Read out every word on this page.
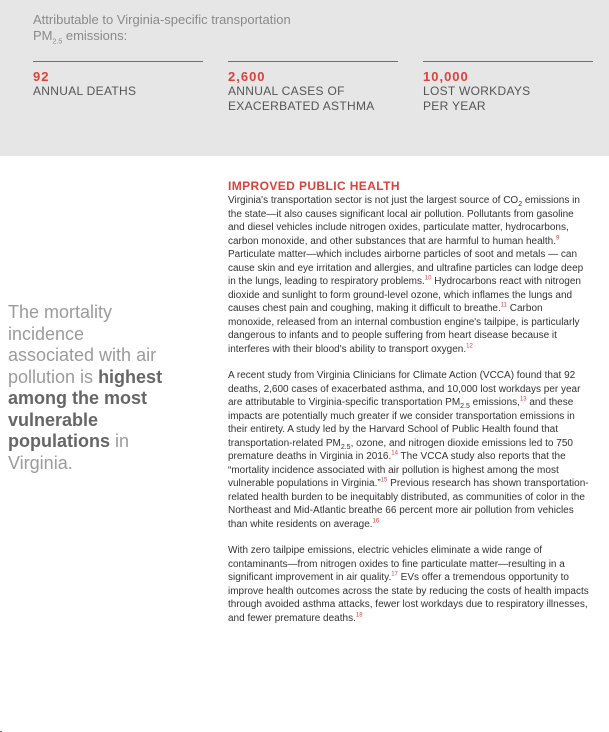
Attributable to Virginia-specific transportation $PM_{2.5}$ emissions:
92
ANNUAL DEATHS
2,600
ANNUAL CASES OF EXACERBATED ASTHMA
10,000
LOST WORKDAYS PER YEAR
The mortality incidence associated with air pollution is highest among the most vulnerable populations in Virginia.
IMPROVED PUBLIC HEALTH

Virginia's transportation sector is not just the largest source of $CO_2$ emissions in the state—it also causes significant local air pollution. Pollutants from gasoline and diesel vehicles include nitrogen oxides, particulate matter, hydrocarbons, carbon monoxide, and other substances that are harmful to human health.$^9$ Particulate matter—which includes airborne particles of soot and metals — can cause skin and eye irritation and allergies, and ultrafine particles can lodge deep in the lungs, leading to respiratory problems.$^{10}$ Hydrocarbons react with nitrogen dioxide and sunlight to form ground-level ozone, which inflames the lungs and causes chest pain and coughing, making it difficult to breathe.$^{11}$ Carbon monoxide, released from an internal combustion engine's tailpipe, is particularly dangerous to infants and to people suffering from heart disease because it interferes with their blood's ability to transport oxygen.$^{12}$

A recent study from Virginia Clinicians for Climate Action (VCCA) found that 92 deaths, 2,600 cases of exacerbated asthma, and 10,000 lost workdays per year are attributable to Virginia-specific transportation $PM_{2.5}$ emissions,$^{13}$ and these impacts are potentially much greater if we consider transportation emissions in their entirety. A study led by the Harvard School of Public Health found that transportation-related $PM_{2.5}$, ozone, and nitrogen dioxide emissions led to 750 premature deaths in Virginia in 2016.14 The VCCA study also reports that the “mortality incidence associated with air pollution is highest among the most vulnerable populations in Virginia.”$^{15}$ Previous research has shown transportation-related health burden to be inequitably distributed, as communities of color in the Northeast and Mid-Atlantic breathe 66 percent more air pollution from vehicles than white residents on average.$^{16}$

With zero tailpipe emissions, electric vehicles eliminate a wide range of contaminants—from nitrogen oxides to fine particulate matter—resulting in a significant improvement in air quality.$^{17}$ EVs offer a tremendous opportunity to improve health outcomes across the state by reducing the costs of health impacts through avoided asthma attacks, fewer lost workdays due to respiratory illnesses, and fewer premature deaths.$^{18}$
